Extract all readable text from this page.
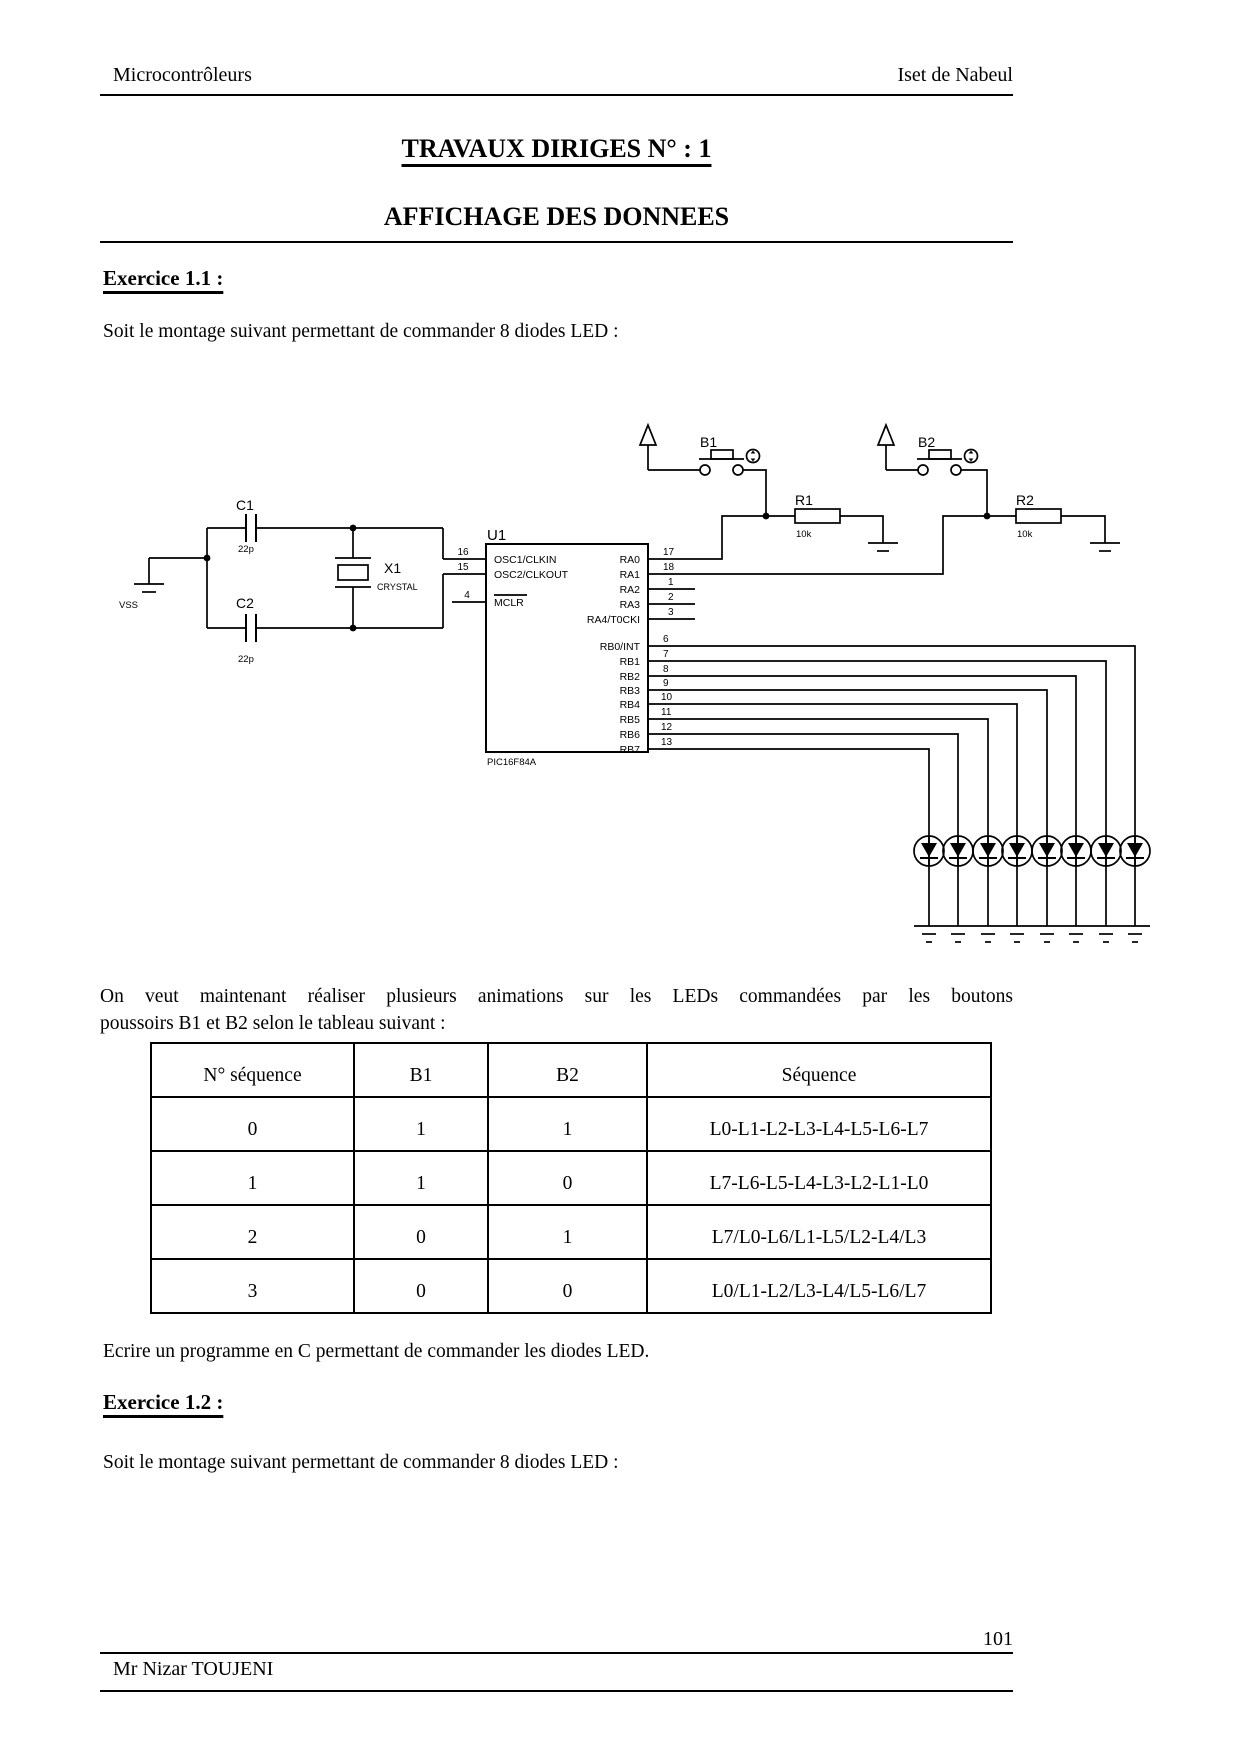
Microcontrôleurs	Iset de Nabeul
TRAVAUX DIRIGES N° : 1
AFFICHAGE DES DONNEES
Exercice 1.1 :
Soit le montage suivant permettant de commander 8 diodes LED :
VSS
C1
22p
C2
22p
X1
CRYSTAL
U1
PIC16F84A
16
15
4
OSC1/CLKIN
OSC2/CLKOUT
MCLR
RA0
RA1
RA2
RA3
RA4/T0CKI
RB0/INT
RB1
RB2
RB3
RB4
RB5
RB6
RB7
17
18
1
2
3
6
7
8
9
10
11
12
13
B1
R1
10k
B2
R2
10k
On veut maintenant réaliser plusieurs animations sur les LEDs commandées par les boutons
poussoirs B1 et B2 selon le tableau suivant :
N° séquence	B1	B2	Séquence
0	1	1	L0-L1-L2-L3-L4-L5-L6-L7
1	1	0	L7-L6-L5-L4-L3-L2-L1-L0
2	0	1	L7/L0-L6/L1-L5/L2-L4/L3
3	0	0	L0/L1-L2/L3-L4/L5-L6/L7
Ecrire un programme en C permettant de commander les diodes LED.
Exercice 1.2 :
Soit le montage suivant permettant de commander 8 diodes LED :
101
Mr Nizar TOUJENI
